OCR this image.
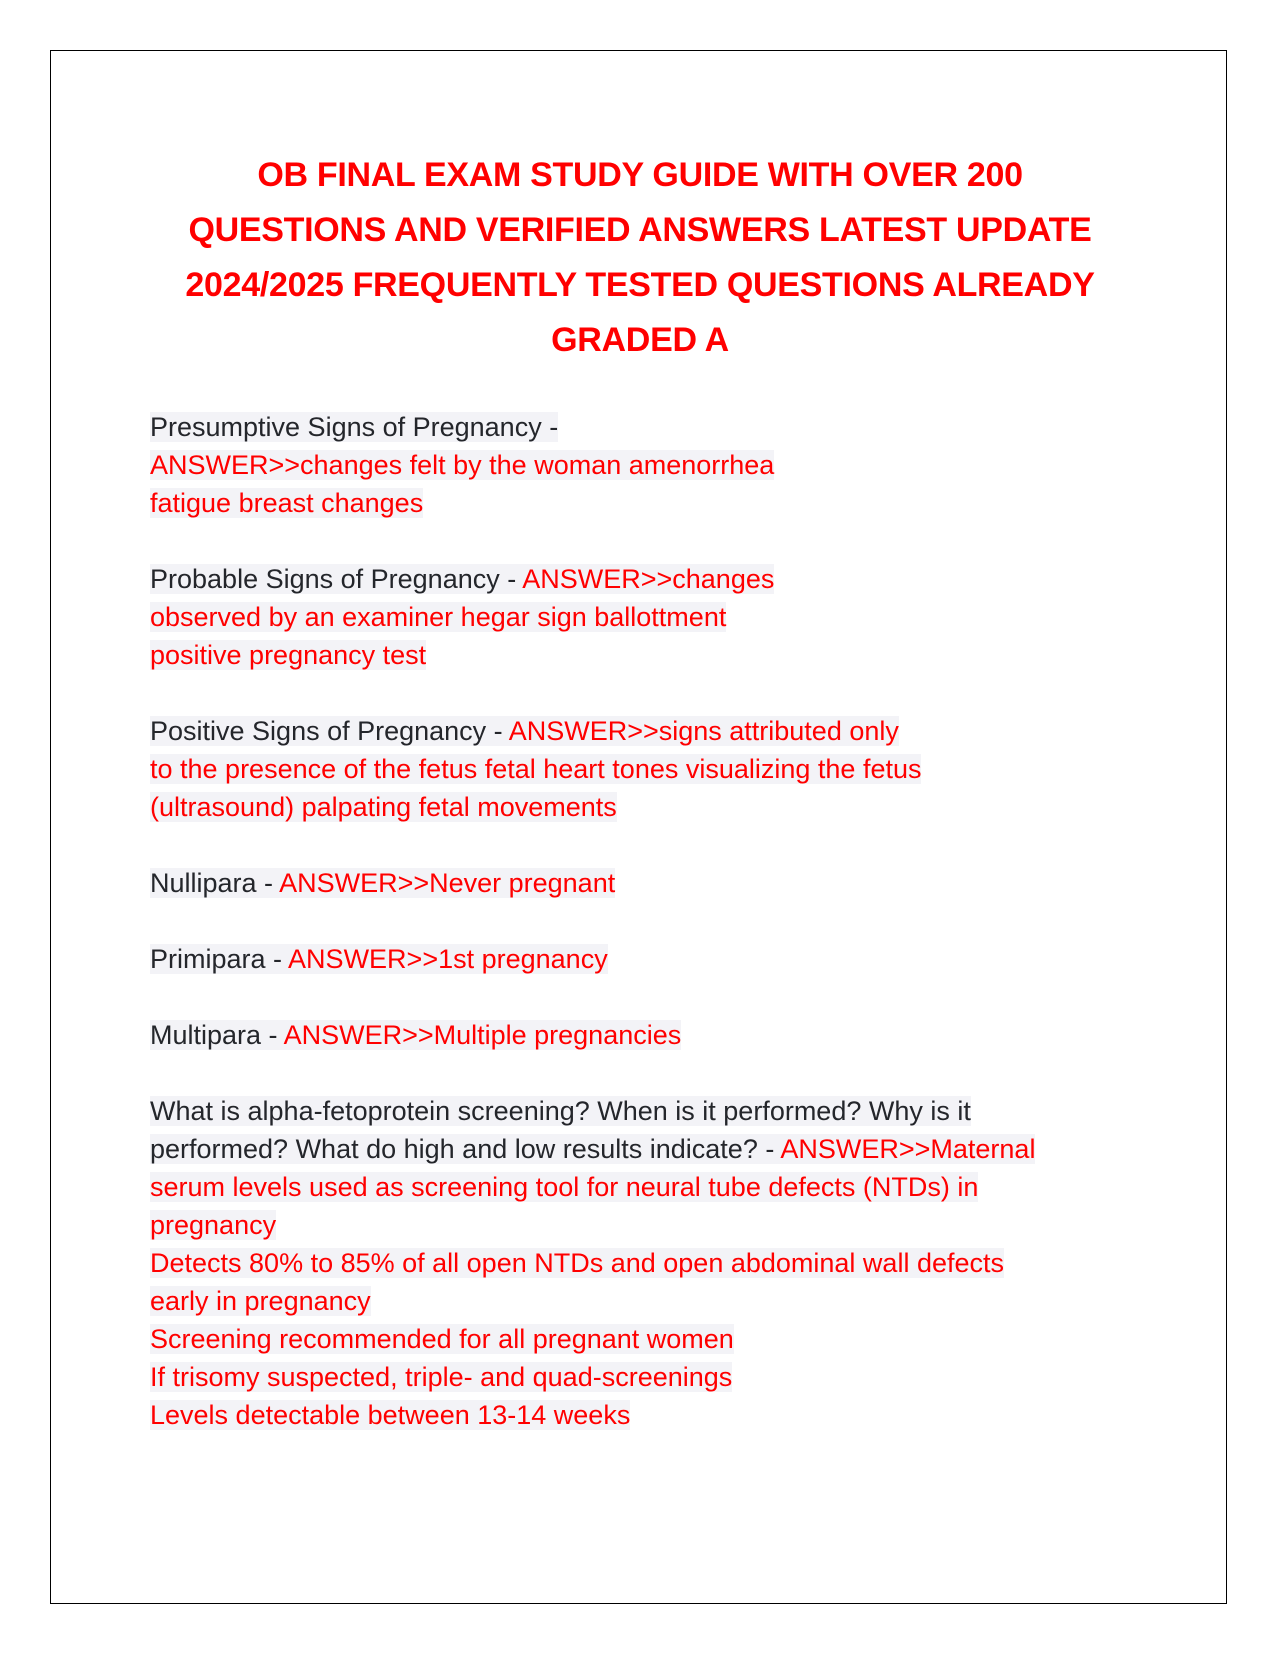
OB FINAL EXAM STUDY GUIDE WITH OVER 200
QUESTIONS AND VERIFIED ANSWERS LATEST UPDATE
2024/2025 FREQUENTLY TESTED QUESTIONS ALREADY
GRADED A
Presumptive Signs of Pregnancy -
ANSWER>>changes felt by the woman amenorrhea
fatigue breast changes
Probable Signs of Pregnancy - ANSWER>>changes
observed by an examiner hegar sign ballottment
positive pregnancy test
Positive Signs of Pregnancy - ANSWER>>signs attributed only
to the presence of the fetus fetal heart tones visualizing the fetus
(ultrasound) palpating fetal movements
Nullipara - ANSWER>>Never pregnant
Primipara - ANSWER>>1st pregnancy
Multipara - ANSWER>>Multiple pregnancies
What is alpha-fetoprotein screening? When is it performed? Why is it
performed? What do high and low results indicate? - ANSWER>>Maternal
serum levels used as screening tool for neural tube defects (NTDs) in
pregnancy
Detects 80% to 85% of all open NTDs and open abdominal wall defects
early in pregnancy
Screening recommended for all pregnant women
If trisomy suspected, triple- and quad-screenings
Levels detectable between 13-14 weeks
